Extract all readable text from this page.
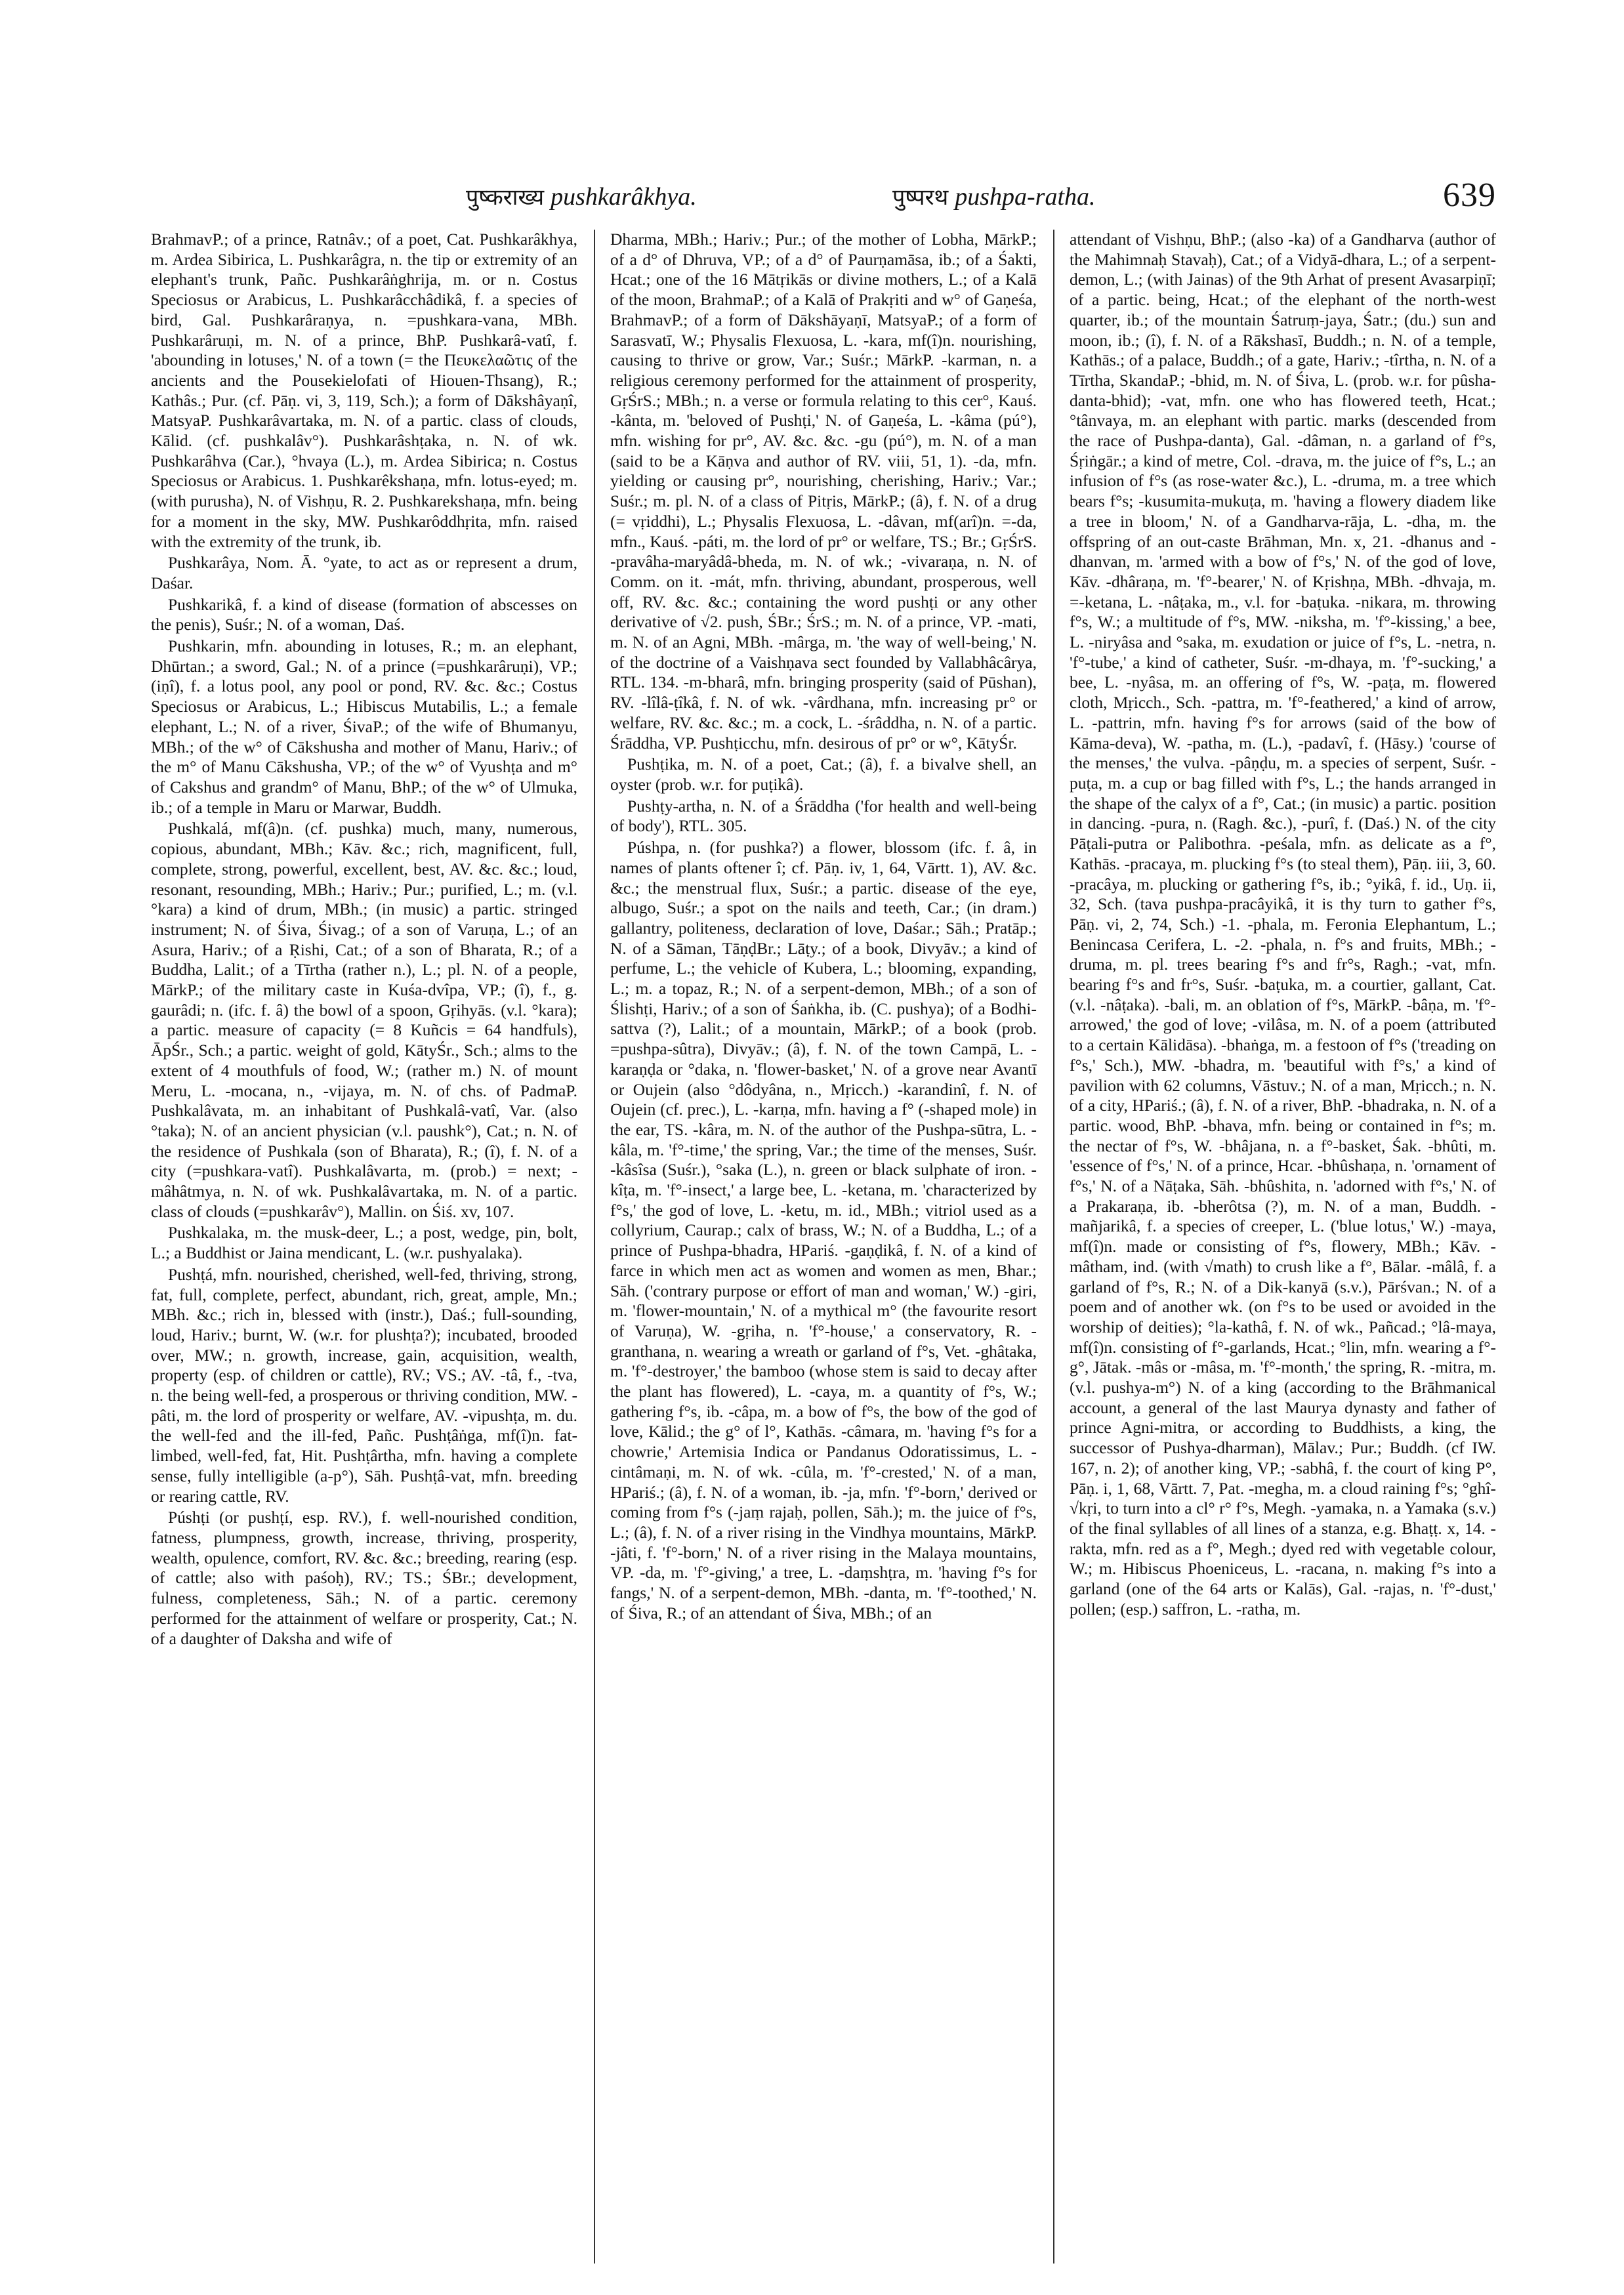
पुष्कराख्य pushkarâkhya.	पुष्परथ pushpa-ratha.	639

BrahmavP.; of a prince, Ratnâv.; of a poet, Cat. Pushkarâkhya, m. Ardea Sibirica, L. Pushkarâgra, n. the tip or extremity of an elephant's trunk, Pañc. Pushkarâṅghrija, m. or n. Costus Speciosus or Arabicus, L. Pushkarâcchâdikâ, f. a species of bird, Gal. Pushkarâraṇya, n. =pushkara-vana, MBh. Pushkarâruṇi, m. N. of a prince, BhP. Pushkarâ-vatî, f. 'abounding in lotuses,' N. of a town (= the Πευκελαῶτις of the ancients and the Pousekielofati of Hiouen-Thsang), R.; Kathâs.; Pur. (cf. Pāṇ. vi, 3, 119, Sch.); a form of Dākshâyaṇî, MatsyaP. Pushkarâvartaka, m. N. of a partic. class of clouds, Kālid. (cf. pushkalâv°). Pushkarâshṭaka, n. N. of wk. Pushkarâhva (Car.), °hvaya (L.), m. Ardea Sibirica; n. Costus Speciosus or Arabicus. 1. Pushkarêkshaṇa, mfn. lotus-eyed; m. (with purusha), N. of Vishṇu, R. 2. Pushkarekshaṇa, mfn. being for a moment in the sky, MW. Pushkarôddhṛita, mfn. raised with the extremity of the trunk, ib.

Pushkarâya, Nom. Ā. °yate, to act as or represent a drum, Daśar.

Pushkarikâ, f. a kind of disease (formation of abscesses on the penis), Suśr.; N. of a woman, Daś.

Pushkarin, mfn. abounding in lotuses, R.; m. an elephant, Dhūrtan.; a sword, Gal.; N. of a prince (=pushkarâruṇi), VP.; (iṇî), f. a lotus pool, any pool or pond, RV. &c. &c.; Costus Speciosus or Arabicus, L.; Hibiscus Mutabilis, L.; a female elephant, L.; N. of a river, ŚivaP.; of the wife of Bhumanyu, MBh.; of the w° of Cākshusha and mother of Manu, Hariv.; of the m° of Manu Cākshusha, VP.; of the w° of Vyushṭa and m° of Cakshus and grandm° of Manu, BhP.; of the w° of Ulmuka, ib.; of a temple in Maru or Marwar, Buddh.

Pushkalá, mf(â)n. (cf. pushka) much, many, numerous, copious, abundant, MBh.; Kāv. &c.; rich, magnificent, full, complete, strong, powerful, excellent, best, AV. &c. &c.; loud, resonant, resounding, MBh.; Hariv.; Pur.; purified, L.; m. (v.l. °kara) a kind of drum, MBh.; (in music) a partic. stringed instrument; N. of Śiva, Śivag.; of a son of Varuṇa, L.; of an Asura, Hariv.; of a Ṛishi, Cat.; of a son of Bharata, R.; of a Buddha, Lalit.; of a Tīrtha (rather n.), L.; pl. N. of a people, MārkP.; of the military caste in Kuśa-dvîpa, VP.; (î), f., g. gaurâdi; n. (ifc. f. â) the bowl of a spoon, Gṛihyās. (v.l. °kara); a partic. measure of capacity (= 8 Kuñcis = 64 handfuls), ĀpŚr., Sch.; a partic. weight of gold, KātyŚr., Sch.; alms to the extent of 4 mouthfuls of food, W.; (rather m.) N. of mount Meru, L. -mocana, n., -vijaya, m. N. of chs. of PadmaP. Pushkalâvata, m. an inhabitant of Pushkalâ-vatî, Var. (also °taka); N. of an ancient physician (v.l. paushk°), Cat.; n. N. of the residence of Pushkala (son of Bharata), R.; (î), f. N. of a city (=pushkara-vatî). Pushkalâvarta, m. (prob.) = next; -mâhâtmya, n. N. of wk. Pushkalâvartaka, m. N. of a partic. class of clouds (=pushkarâv°), Mallin. on Śiś. xv, 107.

Pushkalaka, m. the musk-deer, L.; a post, wedge, pin, bolt, L.; a Buddhist or Jaina mendicant, L. (w.r. pushyalaka).

Pushṭá, mfn. nourished, cherished, well-fed, thriving, strong, fat, full, complete, perfect, abundant, rich, great, ample, Mn.; MBh. &c.; rich in, blessed with (instr.), Daś.; full-sounding, loud, Hariv.; burnt, W. (w.r. for plushṭa?); incubated, brooded over, MW.; n. growth, increase, gain, acquisition, wealth, property (esp. of children or cattle), RV.; VS.; AV. -tâ, f., -tva, n. the being well-fed, a prosperous or thriving condition, MW. -pâti, m. the lord of prosperity or welfare, AV. -vipushṭa, m. du. the well-fed and the ill-fed, Pañc. Pushṭâṅga, mf(î)n. fat-limbed, well-fed, fat, Hit. Pushṭârtha, mfn. having a complete sense, fully intelligible (a-p°), Sāh. Pushṭâ-vat, mfn. breeding or rearing cattle, RV.

Púshṭi (or pushṭí, esp. RV.), f. well-nourished condition, fatness, plumpness, growth, increase, thriving, prosperity, wealth, opulence, comfort, RV. &c. &c.; breeding, rearing (esp. of cattle; also with paśoḥ), RV.; TS.; ŚBr.; development, fulness, completeness, Sāh.; N. of a partic. ceremony performed for the attainment of welfare or prosperity, Cat.; N. of a daughter of Daksha and wife of

Dharma, MBh.; Hariv.; Pur.; of the mother of Lobha, MārkP.; of a d° of Dhruva, VP.; of a d° of Paurṇamāsa, ib.; of a Śakti, Hcat.; one of the 16 Mātṛikās or divine mothers, L.; of a Kalā of the moon, BrahmaP.; of a Kalā of Prakṛiti and w° of Gaṇeśa, BrahmavP.; of a form of Dākshāyaṇī, MatsyaP.; of a form of Sarasvatī, W.; Physalis Flexuosa, L. -kara, mf(î)n. nourishing, causing to thrive or grow, Var.; Suśr.; MārkP. -karman, n. a religious ceremony performed for the attainment of prosperity, GṛŚrS.; MBh.; n. a verse or formula relating to this cer°, Kauś. -kânta, m. 'beloved of Pushṭi,' N. of Gaṇeśa, L. -kâma (pú°), mfn. wishing for pr°, AV. &c. &c. -gu (pú°), m. N. of a man (said to be a Kāṇva and author of RV. viii, 51, 1). -da, mfn. yielding or causing pr°, nourishing, cherishing, Hariv.; Var.; Suśr.; m. pl. N. of a class of Pitṛis, MārkP.; (â), f. N. of a drug (= vṛiddhi), L.; Physalis Flexuosa, L. -dâvan, mf(arî)n. =-da, mfn., Kauś. -páti, m. the lord of pr° or welfare, TS.; Br.; GṛŚrS. -pravâha-maryâdâ-bheda, m. N. of wk.; -vivaraṇa, n. N. of Comm. on it. -mát, mfn. thriving, abundant, prosperous, well off, RV. &c. &c.; containing the word pushṭi or any other derivative of √2. push, ŚBr.; ŚrS.; m. N. of a prince, VP. -mati, m. N. of an Agni, MBh. -mârga, m. 'the way of well-being,' N. of the doctrine of a Vaishṇava sect founded by Vallabhâcârya, RTL. 134. -m-bharâ, mfn. bringing prosperity (said of Pūshan), RV. -lîlâ-ṭîkâ, f. N. of wk. -vârdhana, mfn. increasing pr° or welfare, RV. &c. &c.; m. a cock, L. -śrâddha, n. N. of a partic. Śrāddha, VP. Pushṭicchu, mfn. desirous of pr° or w°, KātyŚr.

Pushṭika, m. N. of a poet, Cat.; (â), f. a bivalve shell, an oyster (prob. w.r. for puṭikâ).

Pushṭy-artha, n. N. of a Śrāddha ('for health and well-being of body'), RTL. 305.

Púshpa, n. (for pushka?) a flower, blossom (ifc. f. â, in names of plants oftener î; cf. Pāṇ. iv, 1, 64, Vārtt. 1), AV. &c. &c.; the menstrual flux, Suśr.; a partic. disease of the eye, albugo, Suśr.; a spot on the nails and teeth, Car.; (in dram.) gallantry, politeness, declaration of love, Daśar.; Sāh.; Pratāp.; N. of a Sāman, TāṇḍBr.; Lāṭy.; of a book, Divyāv.; a kind of perfume, L.; the vehicle of Kubera, L.; blooming, expanding, L.; m. a topaz, R.; N. of a serpent-demon, MBh.; of a son of Ślishṭi, Hariv.; of a son of Śaṅkha, ib. (C. pushya); of a Bodhi-sattva (?), Lalit.; of a mountain, MārkP.; of a book (prob. =pushpa-sûtra), Divyāv.; (â), f. N. of the town Campā, L. -karaṇḍa or °daka, n. 'flower-basket,' N. of a grove near Avantī or Oujein (also °dôdyâna, n., Mṛicch.) -karandinî, f. N. of Oujein (cf. prec.), L. -karṇa, mfn. having a f° (-shaped mole) in the ear, TS. -kâra, m. N. of the author of the Pushpa-sūtra, L. -kâla, m. 'f°-time,' the spring, Var.; the time of the menses, Suśr. -kâsîsa (Suśr.), °saka (L.), n. green or black sulphate of iron. -kîṭa, m. 'f°-insect,' a large bee, L. -ketana, m. 'characterized by f°s,' the god of love, L. -ketu, m. id., MBh.; vitriol used as a collyrium, Caurap.; calx of brass, W.; N. of a Buddha, L.; of a prince of Pushpa-bhadra, HPariś. -gaṇḍikâ, f. N. of a kind of farce in which men act as women and women as men, Bhar.; Sāh. ('contrary purpose or effort of man and woman,' W.) -giri, m. 'flower-mountain,' N. of a mythical m° (the favourite resort of Varuṇa), W. -gṛiha, n. 'f°-house,' a conservatory, R. -granthana, n. wearing a wreath or garland of f°s, Vet. -ghâtaka, m. 'f°-destroyer,' the bamboo (whose stem is said to decay after the plant has flowered), L. -caya, m. a quantity of f°s, W.; gathering f°s, ib. -câpa, m. a bow of f°s, the bow of the god of love, Kālid.; the g° of l°, Kathās. -câmara, m. 'having f°s for a chowrie,' Artemisia Indica or Pandanus Odoratissimus, L. -cintâmaṇi, m. N. of wk. -cûla, m. 'f°-crested,' N. of a man, HPariś.; (â), f. N. of a woman, ib. -ja, mfn. 'f°-born,' derived or coming from f°s (-jaṃ rajaḥ, pollen, Sāh.); m. the juice of f°s, L.; (â), f. N. of a river rising in the Vindhya mountains, MārkP. -jâti, f. 'f°-born,' N. of a river rising in the Malaya mountains, VP. -da, m. 'f°-giving,' a tree, L. -daṃshṭra, m. 'having f°s for fangs,' N. of a serpent-demon, MBh. -danta, m. 'f°-toothed,' N. of Śiva, R.; of an attendant of Śiva, MBh.; of an

attendant of Vishṇu, BhP.; (also -ka) of a Gandharva (author of the Mahimnaḥ Stavaḥ), Cat.; of a Vidyā-dhara, L.; of a serpent-demon, L.; (with Jainas) of the 9th Arhat of present Avasarpiṇī; of a partic. being, Hcat.; of the elephant of the north-west quarter, ib.; of the mountain Śatruṃ-jaya, Śatr.; (du.) sun and moon, ib.; (î), f. N. of a Rākshasī, Buddh.; n. N. of a temple, Kathās.; of a palace, Buddh.; of a gate, Hariv.; -tîrtha, n. N. of a Tīrtha, SkandaP.; -bhid, m. N. of Śiva, L. (prob. w.r. for pûsha-danta-bhid); -vat, mfn. one who has flowered teeth, Hcat.; °tânvaya, m. an elephant with partic. marks (descended from the race of Pushpa-danta), Gal. -dâman, n. a garland of f°s, Śṛiṅgār.; a kind of metre, Col. -drava, m. the juice of f°s, L.; an infusion of f°s (as rose-water &c.), L. -druma, m. a tree which bears f°s; -kusumita-mukuṭa, m. 'having a flowery diadem like a tree in bloom,' N. of a Gandharva-rāja, L. -dha, m. the offspring of an out-caste Brāhman, Mn. x, 21. -dhanus and -dhanvan, m. 'armed with a bow of f°s,' N. of the god of love, Kāv. -dhâraṇa, m. 'f°-bearer,' N. of Kṛishṇa, MBh. -dhvaja, m. =-ketana, L. -nâṭaka, m., v.l. for -baṭuka. -nikara, m. throwing f°s, W.; a multitude of f°s, MW. -niksha, m. 'f°-kissing,' a bee, L. -niryâsa and °saka, m. exudation or juice of f°s, L. -netra, n. 'f°-tube,' a kind of catheter, Suśr. -m-dhaya, m. 'f°-sucking,' a bee, L. -nyâsa, m. an offering of f°s, W. -paṭa, m. flowered cloth, Mṛicch., Sch. -pattra, m. 'f°-feathered,' a kind of arrow, L. -pattrin, mfn. having f°s for arrows (said of the bow of Kāma-deva), W. -patha, m. (L.), -padavî, f. (Hāsy.) 'course of the menses,' the vulva. -pâṇḍu, m. a species of serpent, Suśr. -puṭa, m. a cup or bag filled with f°s, L.; the hands arranged in the shape of the calyx of a f°, Cat.; (in music) a partic. position in dancing. -pura, n. (Ragh. &c.), -purî, f. (Daś.) N. of the city Pāṭali-putra or Palibothra. -peśala, mfn. as delicate as a f°, Kathās. -pracaya, m. plucking f°s (to steal them), Pāṇ. iii, 3, 60. -pracâya, m. plucking or gathering f°s, ib.; °yikâ, f. id., Uṇ. ii, 32, Sch. (tava pushpa-pracâyikâ, it is thy turn to gather f°s, Pāṇ. vi, 2, 74, Sch.) -1. -phala, m. Feronia Elephantum, L.; Benincasa Cerifera, L. -2. -phala, n. f°s and fruits, MBh.; -druma, m. pl. trees bearing f°s and fr°s, Ragh.; -vat, mfn. bearing f°s and fr°s, Suśr. -baṭuka, m. a courtier, gallant, Cat. (v.l. -nâṭaka). -bali, m. an oblation of f°s, MārkP. -bâṇa, m. 'f°-arrowed,' the god of love; -vilâsa, m. N. of a poem (attributed to a certain Kālidāsa). -bhaṅga, m. a festoon of f°s ('treading on f°s,' Sch.), MW. -bhadra, m. 'beautiful with f°s,' a kind of pavilion with 62 columns, Vāstuv.; N. of a man, Mṛicch.; n. N. of a city, HPariś.; (â), f. N. of a river, BhP. -bhadraka, n. N. of a partic. wood, BhP. -bhava, mfn. being or contained in f°s; m. the nectar of f°s, W. -bhâjana, n. a f°-basket, Śak. -bhûti, m. 'essence of f°s,' N. of a prince, Hcar. -bhûshaṇa, n. 'ornament of f°s,' N. of a Nāṭaka, Sāh. -bhûshita, n. 'adorned with f°s,' N. of a Prakaraṇa, ib. -bherôtsa (?), m. N. of a man, Buddh. -mañjarikâ, f. a species of creeper, L. ('blue lotus,' W.) -maya, mf(î)n. made or consisting of f°s, flowery, MBh.; Kāv. -mâtham, ind. (with √math) to crush like a f°, Bālar. -mâlâ, f. a garland of f°s, R.; N. of a Dik-kanyā (s.v.), Pārśvan.; N. of a poem and of another wk. (on f°s to be used or avoided in the worship of deities); °la-kathâ, f. N. of wk., Pañcad.; °lâ-maya, mf(î)n. consisting of f°-garlands, Hcat.; °lin, mfn. wearing a f°-g°, Jātak. -mâs or -mâsa, m. 'f°-month,' the spring, R. -mitra, m. (v.l. pushya-m°) N. of a king (according to the Brāhmanical account, a general of the last Maurya dynasty and father of prince Agni-mitra, or according to Buddhists, a king, the successor of Pushya-dharman), Mālav.; Pur.; Buddh. (cf IW. 167, n. 2); of another king, VP.; -sabhâ, f. the court of king P°, Pāṇ. i, 1, 68, Vārtt. 7, Pat. -megha, m. a cloud raining f°s; °ghî-√kṛi, to turn into a cl° r° f°s, Megh. -yamaka, n. a Yamaka (s.v.) of the final syllables of all lines of a stanza, e.g. Bhaṭṭ. x, 14. -rakta, mfn. red as a f°, Megh.; dyed red with vegetable colour, W.; m. Hibiscus Phoeniceus, L. -racana, n. making f°s into a garland (one of the 64 arts or Kalās), Gal. -rajas, n. 'f°-dust,' pollen; (esp.) saffron, L. -ratha, m.
